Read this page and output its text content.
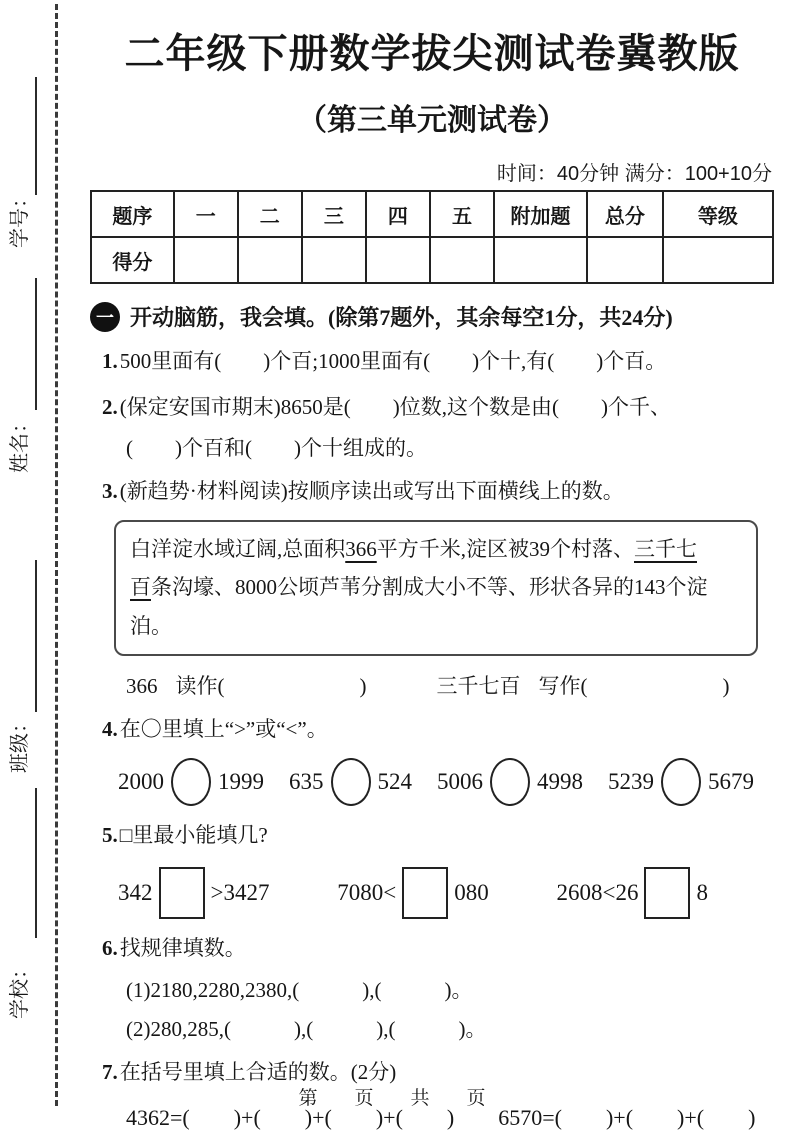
学号：
姓名：
班级：
学校：
二年级下册数学拔尖测试卷冀教版
（第三单元测试卷）
时间：40分钟 满分：100+10分
题序	一	二	三	四	五	附加题	总分	等级
得分								
一 开动脑筋，我会填。(除第7题外，其余每空1分，共24分)
1.500里面有(　　)个百;1000里面有(　　)个十,有(　　)个百。
2.(保定安国市期末)8650是(　　)位数,这个数是由(　　)个千、
(　　)个百和(　　)个十组成的。
3.(新趋势·材料阅读)按顺序读出或写出下面横线上的数。
白洋淀水域辽阔,总面积366平方千米,淀区被39个村落、三千七
百条沟壕、8000公顷芦苇分割成大小不等、形状各异的143个淀泊。
366 读作(	)	三千七百 写作(	)
4.在〇里填上“>”或“<”。
2000 1999 635 524 5006 4998 5239 5679
5.□里最小能填几?
342	>3427	7080<	080	2608<26	8
6.找规律填数。
(1)2180,2280,2380,(　　　),(　　　)。
(2)280,285,(　　　),(　　　),(　　　)。
7.在括号里填上合适的数。(2分)
4362=(　　)+(　　)+(　　)+(　　) 6570=(　　)+(　　)+(　　)
第　页　共　页
